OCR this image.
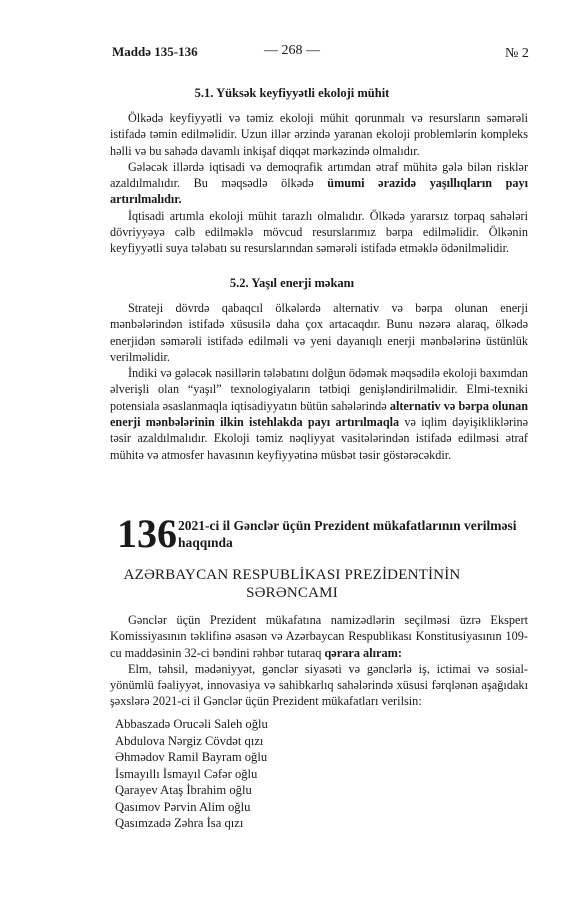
Maddə 135-136	— 268 —	№ 2
5.1. Yüksək keyfiyyətli ekoloji mühit

Ölkədə keyfiyyətli və təmiz ekoloji mühit qorunmalı və resursların səmərəli istifadə təmin edilməlidir. Uzun illər ərzində yaranan ekoloji problemlərin kompleks həlli və bu sahədə davamlı inkişaf diqqət mərkəzində olmalıdır.

Gələcək illərdə iqtisadi və demoqrafik artımdan ətraf mühitə gələ bilən risklər azaldılmalıdır. Bu məqsədlə ölkədə ümumi ərazidə yaşıllıqların payı artırılmalıdır.

İqtisadi artımla ekoloji mühit tarazlı olmalıdır. Ölkədə yararsız torpaq sahələri dövriyyəyə cəlb edilməklə mövcud resurslarımız bərpa edilməlidir. Ölkənin keyfiyyətli suya tələbatı su resurslarından səmərəli istifadə etməklə ödənilməlidir.

5.2. Yaşıl enerji məkanı

Strateji dövrdə qabaqcıl ölkələrdə alternativ və bərpa olunan enerji mənbələrindən istifadə xüsusilə daha çox artacaqdır. Bunu nəzərə alaraq, ölkədə enerjidən səmərəli istifadə edilməli və yeni dayanıqlı enerji mənbələrinə üstünlük verilməlidir.

İndiki və gələcək nəsillərin tələbatını dolğun ödəmək məqsədilə ekoloji baxımdan əlverişli olan “yaşıl” texnologiyaların tətbiqi genişləndirilməlidir. Elmi-texniki potensiala əsaslanmaqla iqtisadiyyatın bütün sahələrində alternativ və bərpa olunan enerji mənbələrinin ilkin istehlakda payı artırılmaqla və iqlim dəyişikliklərinə təsir azaldılmalıdır. Ekoloji təmiz nəqliyyat vasitələrindən istifadə edilməsi ətraf mühitə və atmosfer havasının keyfiyyətinə müsbət təsir göstərəcəkdir.

136 2021-ci il Gənclər üçün Prezident mükafatlarının verilməsi haqqında
AZƏRBAYCAN RESPUBLİKASI PREZİDENTİNİN
SƏRƏNCAMI

Gənclər üçün Prezident mükafatına namizədlərin seçilməsi üzrə Ekspert Komissiyasının təklifinə əsasən və Azərbaycan Respublikası Konstitusiyasının 109-cu maddəsinin 32-ci bəndini rəhbər tutaraq qərara alıram:

Elm, təhsil, mədəniyyət, gənclər siyasəti və gənclərlə iş, ictimai və sosial-yönümlü fəaliyyət, innovasiya və sahibkarlıq sahələrində xüsusi fərqlənən aşağıdakı şəxslərə 2021-ci il Gənclər üçün Prezident mükafatları verilsin:

Abbaszadə Orucəli Saleh oğlu
Abdulova Nərgiz Cövdət qızı
Əhmədov Ramil Bayram oğlu
İsmayıllı İsmayıl Cəfər oğlu
Qarayev Ataş İbrahim oğlu
Qasımov Pərvin Alim oğlu
Qasımzadə Zəhra İsa qızı
